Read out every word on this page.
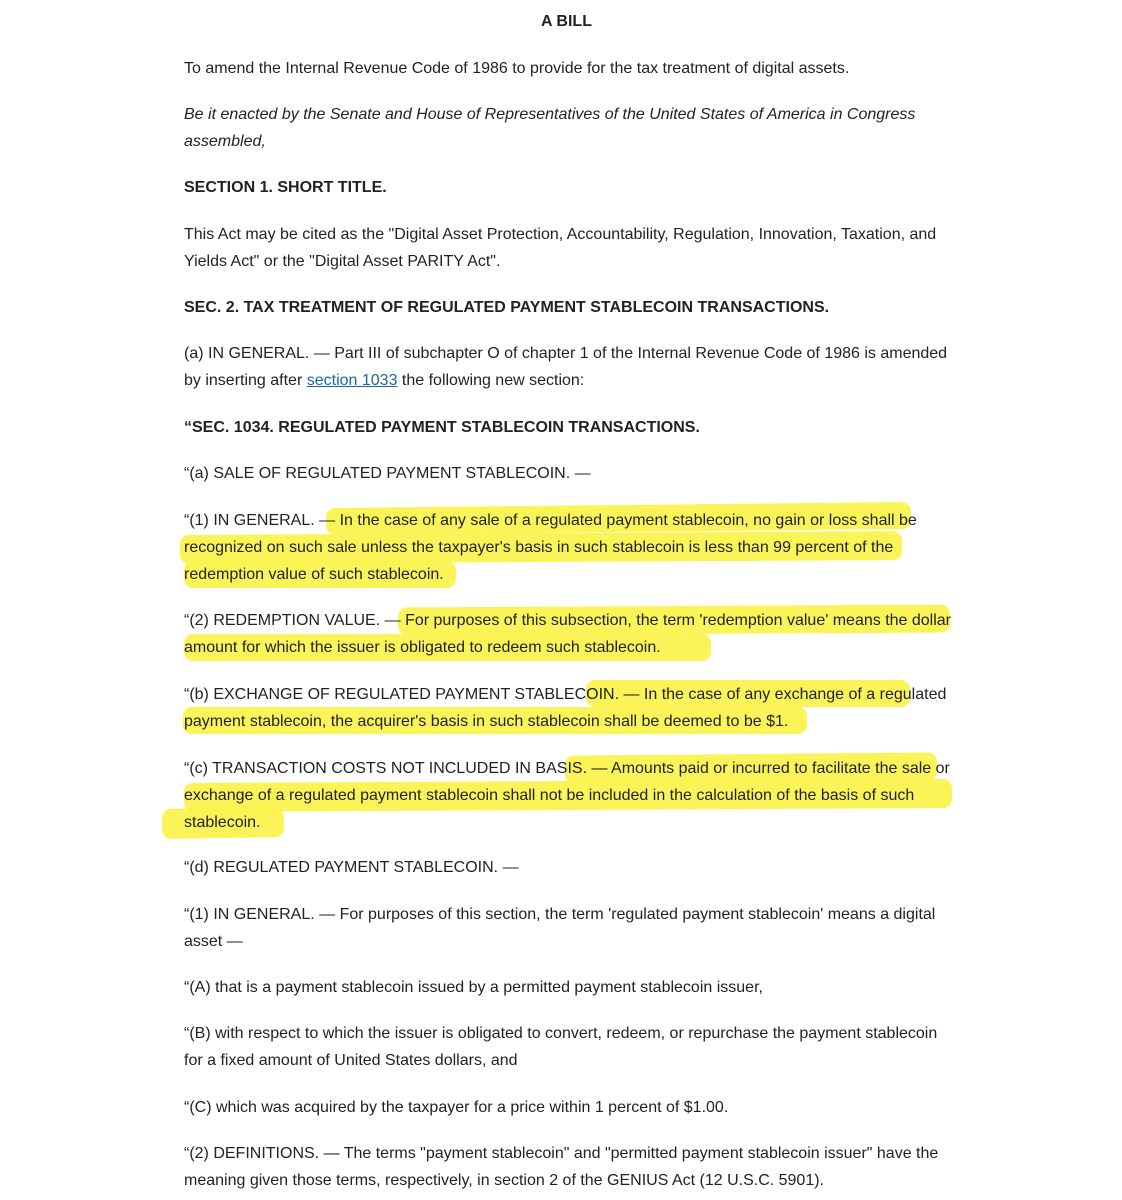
A BILL
To amend the Internal Revenue Code of 1986 to provide for the tax treatment of digital assets.
Be it enacted by the Senate and House of Representatives of the United States of America in Congress
assembled,
SECTION 1. SHORT TITLE.
This Act may be cited as the "Digital Asset Protection, Accountability, Regulation, Innovation, Taxation, and
Yields Act" or the "Digital Asset PARITY Act".
SEC. 2. TAX TREATMENT OF REGULATED PAYMENT STABLECOIN TRANSACTIONS.
(a) IN GENERAL. — Part III of subchapter O of chapter 1 of the Internal Revenue Code of 1986 is amended
by inserting after section 1033 the following new section:
“SEC. 1034. REGULATED PAYMENT STABLECOIN TRANSACTIONS.
“(a) SALE OF REGULATED PAYMENT STABLECOIN. —
“(1) IN GENERAL. — In the case of any sale of a regulated payment stablecoin, no gain or loss shall be
recognized on such sale unless the taxpayer's basis in such stablecoin is less than 99 percent of the
redemption value of such stablecoin.
“(2) REDEMPTION VALUE. — For purposes of this subsection, the term 'redemption value' means the dollar
amount for which the issuer is obligated to redeem such stablecoin.
“(b) EXCHANGE OF REGULATED PAYMENT STABLECOIN. — In the case of any exchange of a regulated
payment stablecoin, the acquirer's basis in such stablecoin shall be deemed to be $1.
“(c) TRANSACTION COSTS NOT INCLUDED IN BASIS. — Amounts paid or incurred to facilitate the sale or
exchange of a regulated payment stablecoin shall not be included in the calculation of the basis of such
stablecoin.
“(d) REGULATED PAYMENT STABLECOIN. —
“(1) IN GENERAL. — For purposes of this section, the term 'regulated payment stablecoin' means a digital
asset —
“(A) that is a payment stablecoin issued by a permitted payment stablecoin issuer,
“(B) with respect to which the issuer is obligated to convert, redeem, or repurchase the payment stablecoin
for a fixed amount of United States dollars, and
“(C) which was acquired by the taxpayer for a price within 1 percent of $1.00.
“(2) DEFINITIONS. — The terms "payment stablecoin" and "permitted payment stablecoin issuer" have the
meaning given those terms, respectively, in section 2 of the GENIUS Act (12 U.S.C. 5901).
